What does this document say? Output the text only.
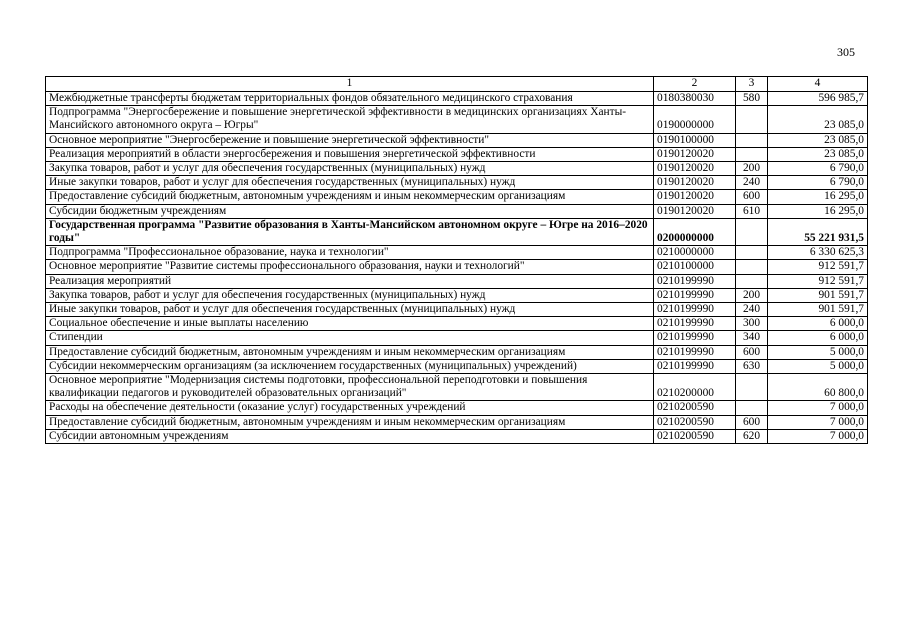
305
1	2	3	4
Межбюджетные трансферты бюджетам территориальных фондов обязательного медицинского страхования	0180380030	580	596 985,7
Подпрограмма "Энергосбережение и повышение энергетической эффективности в медицинских организациях Ханты-Мансийского автономного округа – Югры"	0190000000		23 085,0
Основное мероприятие "Энергосбережение и повышение энергетической эффективности"	0190100000		23 085,0
Реализация мероприятий в области энергосбережения и повышения энергетической эффективности	0190120020		23 085,0
Закупка товаров, работ и услуг для обеспечения государственных (муниципальных) нужд	0190120020	200	6 790,0
Иные закупки товаров, работ и услуг для обеспечения государственных (муниципальных) нужд	0190120020	240	6 790,0
Предоставление субсидий бюджетным, автономным учреждениям и иным некоммерческим организациям	0190120020	600	16 295,0
Субсидии бюджетным учреждениям	0190120020	610	16 295,0
Государственная программа "Развитие образования в Ханты-Мансийском автономном округе – Югре на 2016–2020 годы"	0200000000		55 221 931,5
Подпрограмма "Профессиональное образование, наука и технологии"	0210000000		6 330 625,3
Основное мероприятие "Развитие системы профессионального образования, науки и технологий"	0210100000		912 591,7
Реализация мероприятий	0210199990		912 591,7
Закупка товаров, работ и услуг для обеспечения государственных (муниципальных) нужд	0210199990	200	901 591,7
Иные закупки товаров, работ и услуг для обеспечения государственных (муниципальных) нужд	0210199990	240	901 591,7
Социальное обеспечение и иные выплаты населению	0210199990	300	6 000,0
Стипендии	0210199990	340	6 000,0
Предоставление субсидий бюджетным, автономным учреждениям и иным некоммерческим организациям	0210199990	600	5 000,0
Субсидии некоммерческим организациям (за исключением государственных (муниципальных) учреждений)	0210199990	630	5 000,0
Основное мероприятие "Модернизация системы подготовки, профессиональной переподготовки и повышения квалификации педагогов и руководителей образовательных организаций"	0210200000		60 800,0
Расходы на обеспечение деятельности (оказание услуг) государственных учреждений	0210200590		7 000,0
Предоставление субсидий бюджетным, автономным учреждениям и иным некоммерческим организациям	0210200590	600	7 000,0
Субсидии автономным учреждениям	0210200590	620	7 000,0
